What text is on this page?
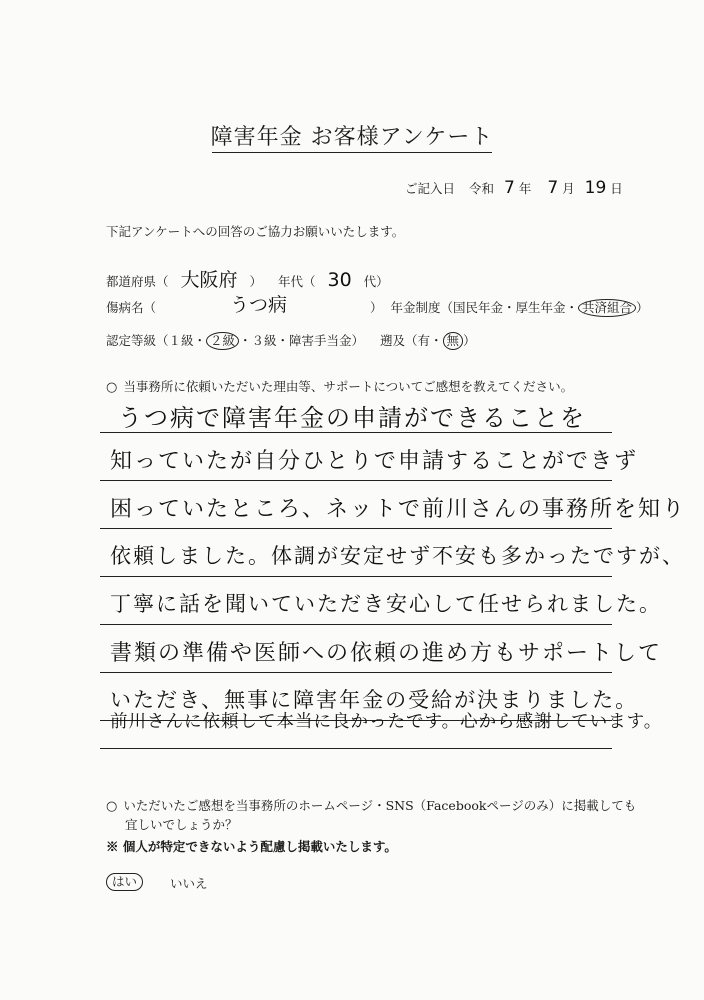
障害年金 お客様アンケート
ご記入日 令和 7 年 7 月 19 日
下記アンケートへの回答のご協力お願いいたします。
都道府県（ 大阪府 ） 年代（ 30 代）
傷病名（	うつ病	） 年金制度（国民年金・厚生年金・ 共済組合 ）
認定等級（１級・ ２級 ・３級・障害手当金） 遡及（有・ 無 ）
○ 当事務所に依頼いただいた理由等、サポートについてご感想を教えてください。
うつ病で障害年金の申請ができることを
知っていたが自分ひとりで申請することができず
困っていたところ、ネットで前川さんの事務所を知り
依頼しました。体調が安定せず不安も多かったですが、
丁寧に話を聞いていただき安心して任せられました。
書類の準備や医師への依頼の進め方もサポートして
いただき、無事に障害年金の受給が決まりました。
前川さんに依頼して本当に良かったです。心から感謝しています。
○ いただいたご感想を当事務所のホームページ・SNS（Facebookページのみ）に掲載しても
宜しいでしょうか？
※ 個人が特定できないよう配慮し掲載いたします。
はい	いいえ
